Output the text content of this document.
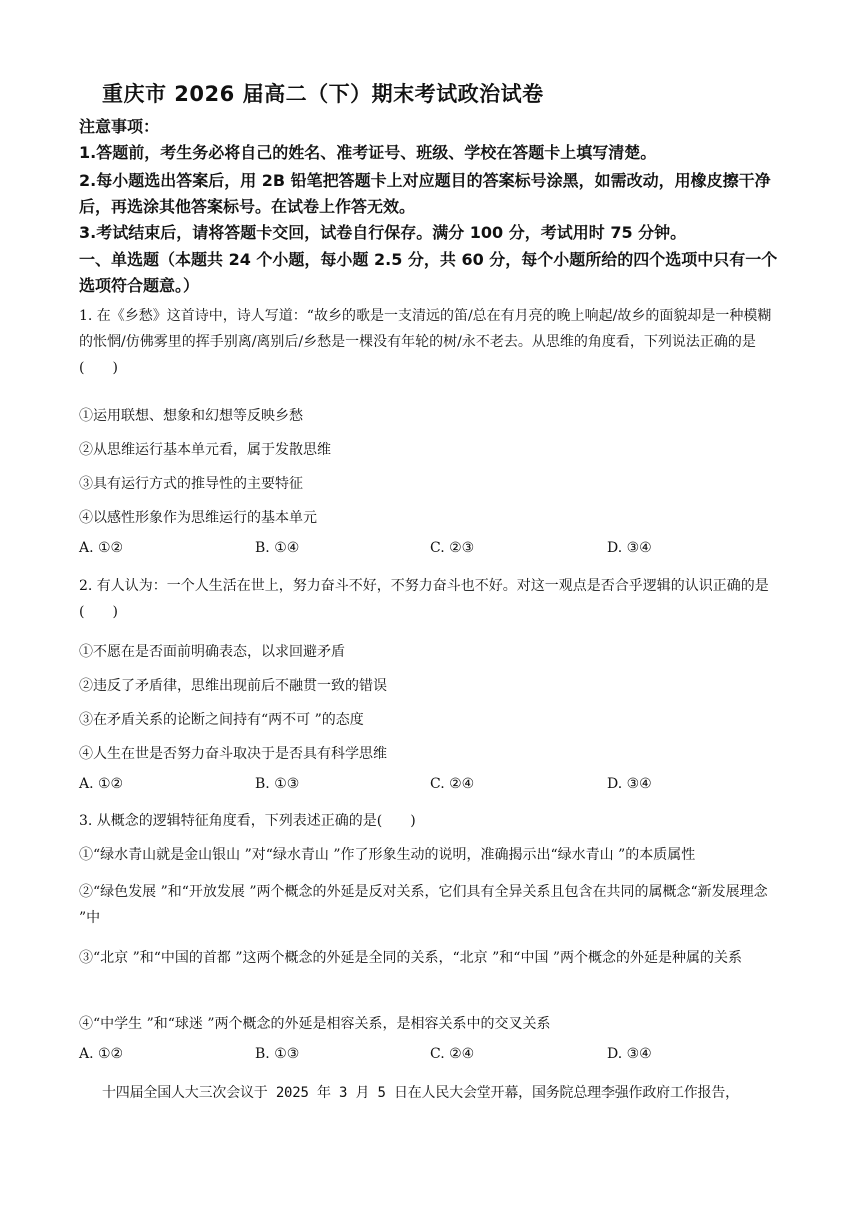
重庆市 2026 届高二（下）期末考试政治试卷
注意事项：
1.答题前，考生务必将自己的姓名、准考证号、班级、学校在答题卡上填写清楚。
2.每小题选出答案后，用 2B 铅笔把答题卡上对应题目的答案标号涂黑，如需改动，用橡皮擦干净后，再选涂其他答案标号。在试卷上作答无效。
3.考试结束后，请将答题卡交回，试卷自行保存。满分 100 分，考试用时 75 分钟。
一、单选题（本题共 24 个小题，每小题 2.5 分，共 60 分，每个小题所给的四个选项中只有一个选项符合题意。）
1. 在《乡愁》这首诗中，诗人写道：“故乡的歌是一支清远的笛/总在有月亮的晚上响起/故乡的面貌却是一种模糊的怅惘/仿佛雾里的挥手别离/离别后/乡愁是一棵没有年轮的树/永不老去。从思维的角度看，下列说法正确的是(　　)
①运用联想、想象和幻想等反映乡愁
②从思维运行基本单元看，属于发散思维
③具有运行方式的推导性的主要特征
④以感性形象作为思维运行的基本单元
A. ①②	B. ①④	C. ②③	D. ③④
2. 有人认为：一个人生活在世上，努力奋斗不好，不努力奋斗也不好。对这一观点是否合乎逻辑的认识正确的是(　　)
①不愿在是否面前明确表态，以求回避矛盾
②违反了矛盾律，思维出现前后不融贯一致的错误
③在矛盾关系的论断之间持有“两不可 ”的态度
④人生在世是否努力奋斗取决于是否具有科学思维
A. ①②	B. ①③	C. ②④	D. ③④
3. 从概念的逻辑特征角度看，下列表述正确的是(　　)
①“绿水青山就是金山银山 ”对“绿水青山 ”作了形象生动的说明，准确揭示出“绿水青山 ”的本质属性
②“绿色发展 ”和“开放发展 ”两个概念的外延是反对关系，它们具有全异关系且包含在共同的属概念“新发展理念 ”中
③“北京 ”和“中国的首都 ”这两个概念的外延是全同的关系，“北京 ”和“中国 ”两个概念的外延是种属的关系
④“中学生 ”和“球迷 ”两个概念的外延是相容关系，是相容关系中的交叉关系
A. ①②	B. ①③	C. ②④	D. ③④
十四届全国人大三次会议于 2025 年 3 月 5 日在人民大会堂开幕，国务院总理李强作政府工作报告，
